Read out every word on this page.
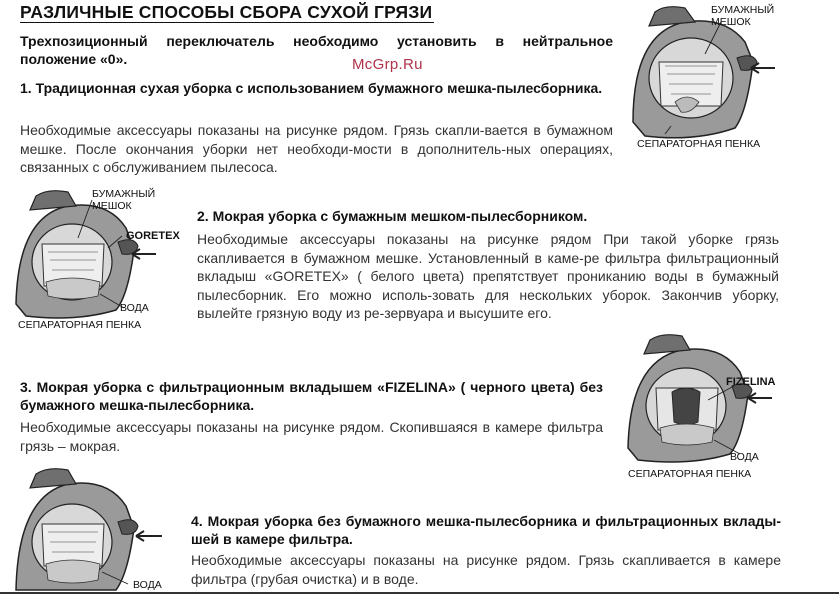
РАЗЛИЧНЫЕ СПОСОБЫ СБОРА СУХОЙ ГРЯЗИ
Трехпозиционный переключатель необходимо установить в нейтральное положение «0».	McGrp.Ru
1. Традиционная сухая уборка с использованием бумажного мешка-пылесборника.
Необходимые аксессуары показаны на рисунке рядом. Грязь скапли-вается в бумажном мешке. После окончания уборки нет необходи-мости в дополнитель-ных операциях, связанных с обслуживанием пылесоса.
2. Мокрая уборка с бумажным мешком-пылесборником.
Необходимые аксессуары показаны на рисунке рядом При такой уборке грязь скапливается в бумажном мешке. Установленный в каме-ре фильтра фильтрационный вкладыш «GORETEX» ( белого цвета) препятствует прониканию воды в бумажный пылесборник. Его можно исполь-зовать для нескольких уборок. Закончив уборку, вылейте грязную воду из ре-зервуара и высушите его.
3. Мокрая уборка с фильтрационным вкладышем «FIZELINA» ( черного цвета) без бумажного мешка-пылесборника.
Необходимые аксессуары показаны на рисунке рядом. Скопившаяся в камере фильтра грязь – мокрая.
4. Мокрая уборка без бумажного мешка-пылесборника и фильтрационных вклады-шей в камере фильтра.
Необходимые аксессуары показаны на рисунке рядом. Грязь скапливается в камере фильтра (грубая очистка) и в воде.
БУМАЖНЫЙ
МЕШОК
СЕПАРАТОРНАЯ ПЕНКА
БУМАЖНЫЙ
МЕШОК
GORETEX
ВОДА
СЕПАРАТОРНАЯ ПЕНКА
FIZELINA
ВОДА
СЕПАРАТОРНАЯ ПЕНКА
ВОДА
